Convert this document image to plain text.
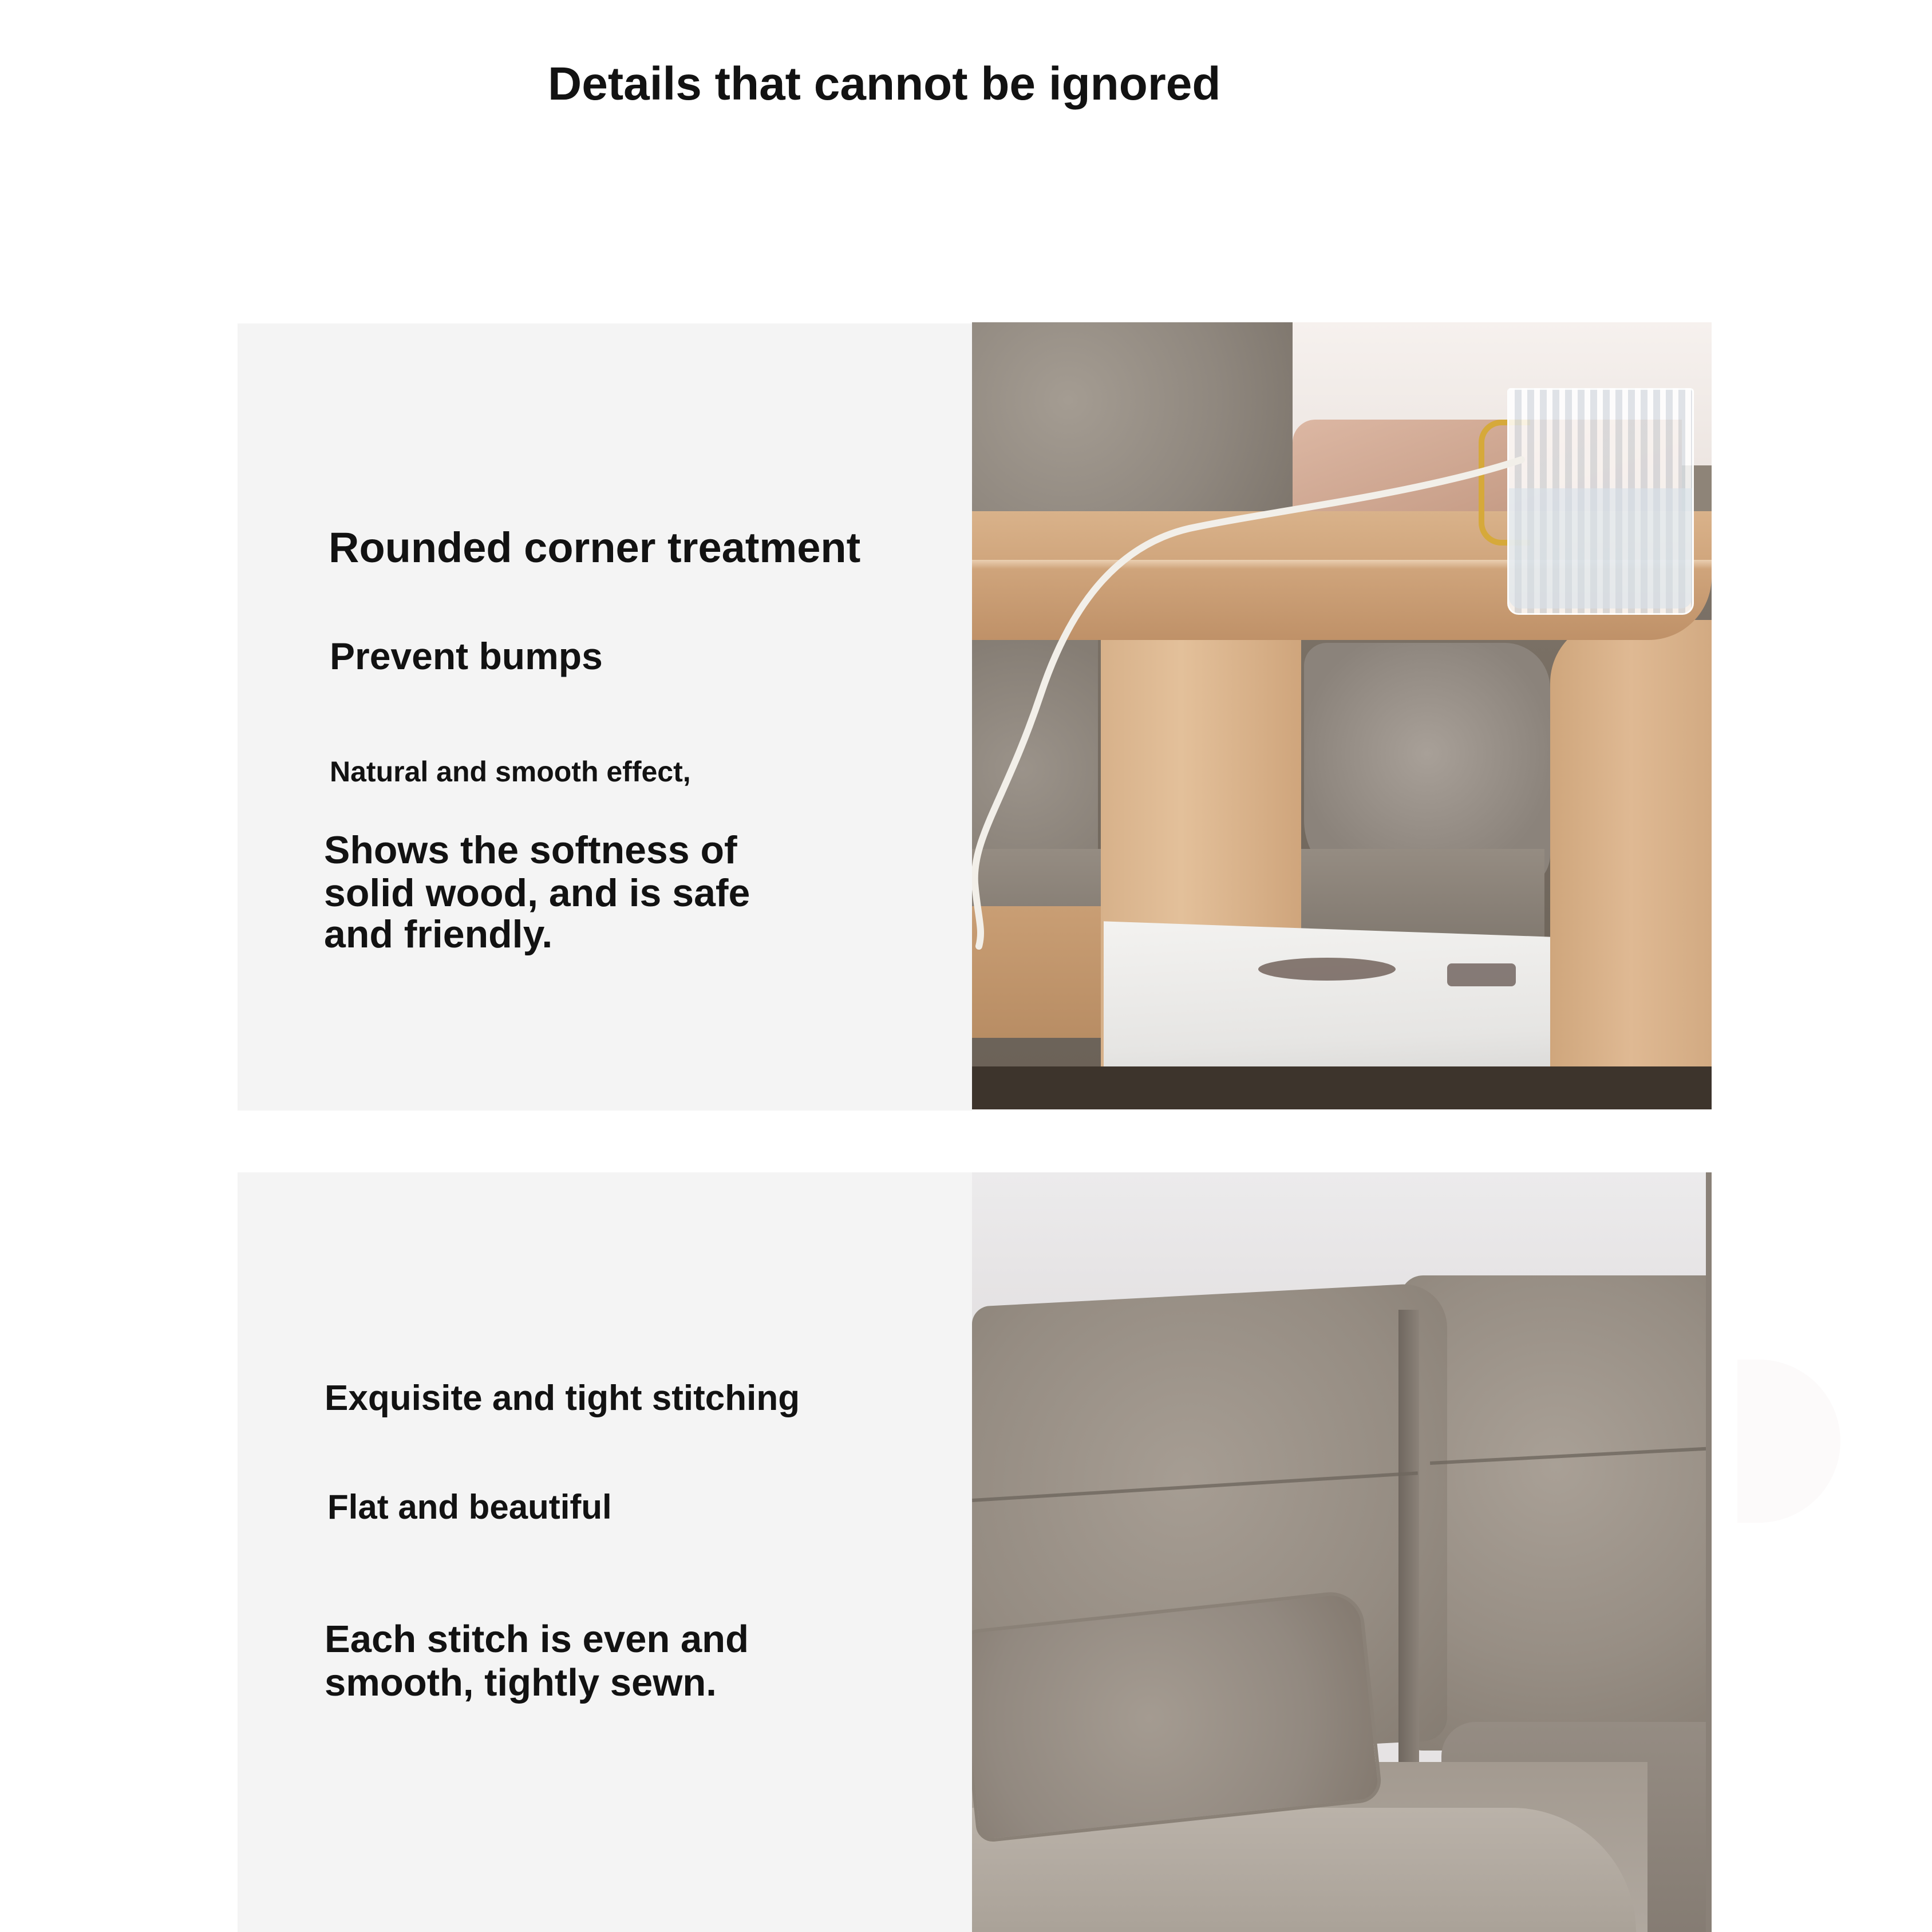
Details that cannot be ignored
Rounded corner treatment
Prevent bumps
Natural and smooth effect,
Shows the softness of
solid wood, and is safe
and friendly.
Exquisite and tight stitching
Flat and beautiful
Each stitch is even and
smooth, tightly sewn.
